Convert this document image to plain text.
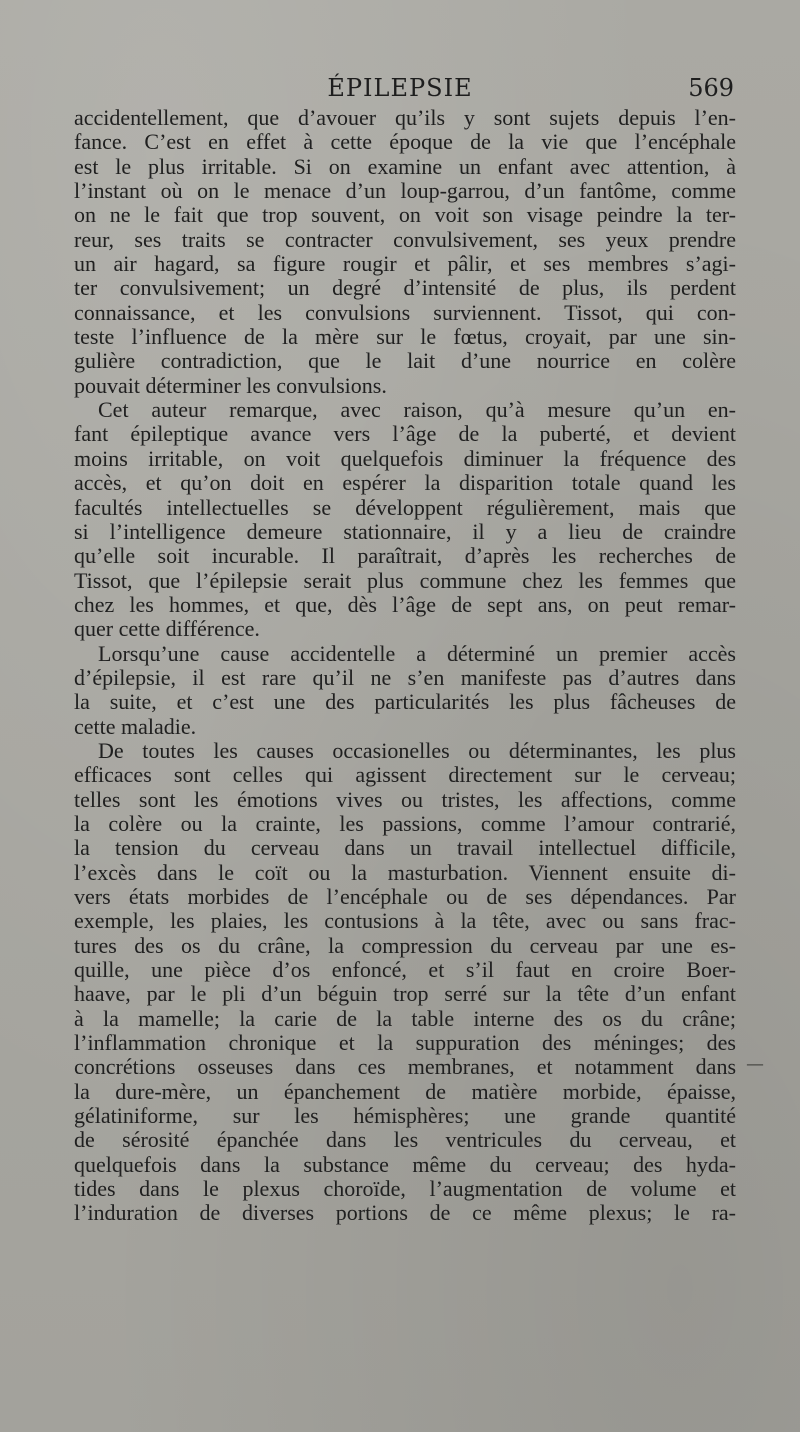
ÉPILEPSIE	569
accidentellement, que d’avouer qu’ils y sont sujets depuis l’en-
fance. C’est en effet à cette époque de la vie que l’encéphale
est le plus irritable. Si on examine un enfant avec attention, à
l’instant où on le menace d’un loup-garrou, d’un fantôme, comme
on ne le fait que trop souvent, on voit son visage peindre la ter-
reur, ses traits se contracter convulsivement, ses yeux prendre
un air hagard, sa figure rougir et pâlir, et ses membres s’agi-
ter convulsivement; un degré d’intensité de plus, ils perdent
connaissance, et les convulsions surviennent. Tissot, qui con-
teste l’influence de la mère sur le fœtus, croyait, par une sin-
gulière contradiction, que le lait d’une nourrice en colère
pouvait déterminer les convulsions.
Cet auteur remarque, avec raison, qu’à mesure qu’un en-
fant épileptique avance vers l’âge de la puberté, et devient
moins irritable, on voit quelquefois diminuer la fréquence des
accès, et qu’on doit en espérer la disparition totale quand les
facultés intellectuelles se développent régulièrement, mais que
si l’intelligence demeure stationnaire, il y a lieu de craindre
qu’elle soit incurable. Il paraîtrait, d’après les recherches de
Tissot, que l’épilepsie serait plus commune chez les femmes que
chez les hommes, et que, dès l’âge de sept ans, on peut remar-
quer cette différence.
Lorsqu’une cause accidentelle a déterminé un premier accès
d’épilepsie, il est rare qu’il ne s’en manifeste pas d’autres dans
la suite, et c’est une des particularités les plus fâcheuses de
cette maladie.
De toutes les causes occasionelles ou déterminantes, les plus
efficaces sont celles qui agissent directement sur le cerveau;
telles sont les émotions vives ou tristes, les affections, comme
la colère ou la crainte, les passions, comme l’amour contrarié,
la tension du cerveau dans un travail intellectuel difficile,
l’excès dans le coït ou la masturbation. Viennent ensuite di-
vers états morbides de l’encéphale ou de ses dépendances. Par
exemple, les plaies, les contusions à la tête, avec ou sans frac-
tures des os du crâne, la compression du cerveau par une es-
quille, une pièce d’os enfoncé, et s’il faut en croire Boer-
haave, par le pli d’un béguin trop serré sur la tête d’un enfant
à la mamelle; la carie de la table interne des os du crâne;
l’inflammation chronique et la suppuration des méninges; des
concrétions osseuses dans ces membranes, et notamment dans
la dure-mère, un épanchement de matière morbide, épaisse,
gélatiniforme, sur les hémisphères; une grande quantité
de sérosité épanchée dans les ventricules du cerveau, et
quelquefois dans la substance même du cerveau; des hyda-
tides dans le plexus choroïde, l’augmentation de volume et
l’induration de diverses portions de ce même plexus; le ra-
—
